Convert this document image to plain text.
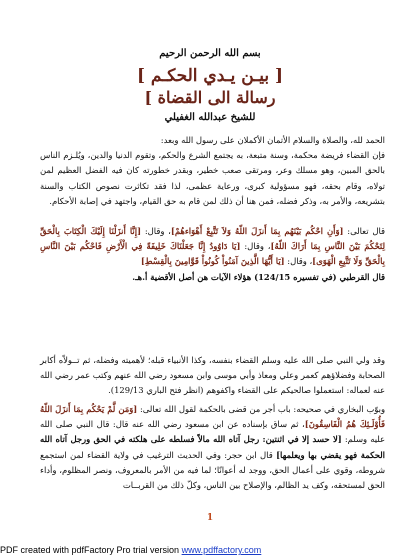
بسم الله الرحمن الرحيم
[ بيـن يـدي الحكـم ]
رسالة الى القضاة ]
للشيخ عبدالله الغفيلي

الحمد لله، والصلاة والسلام الأتمان الأكملان على رسول الله وبعد:

فإن القضاء فريضة محكمة، وسنة متبعة، به يجتمع الشرع والحكم، وتقوم الدنيا والدين، ويُلـزم الناس بالحق المبين، وهو مسلك وعر، ومرتقى صعب خطير، وبقدر خطورته كان فيه الفضل العظيم لمن تولاه، وقام بحقه، فهو مسؤولية كبرى، ورعاية عظمى، لذا فقد تكاثرت نصوص الكتاب والسنة بتشريعه، والأمر به، وذكر فضله، فمن هنا أن ذلك لمن قام به حق القيام، واجتهد في إصابة الأحكام.

قال تعالى: [وَأَنِ احْكُم بَيْنَهُم بِمَا أَنزَلَ اللّهُ وَلاَ تَتَّبِعْ أَهْوَاءهُمْ]، وقال: [إِنَّا أَنزَلْنَا إِلَيْكَ الْكِتَابَ بِالْحَقِّ لِتَحْكُمَ بَيْنَ النَّاسِ بِمَا أَرَاكَ اللّهُ]، وقال: [يَا دَاوُودُ إِنَّا جَعَلْنَاكَ خَلِيفَةً فِي الْأَرْضِ فَاحْكُم بَيْنَ النَّاسِ بِالْحَقِّ وَلَا تَتَّبِعِ الْهَوَى]، وقال: [يَا أَيُّهَا الَّذِينَ آمَنُواْ كُونُواْ قَوَّامِينَ بِالْقِسْطِ]

قال القرطبي (في تفسيره 124/15) هؤلاء الآيات هن أصل الأقضية أ.هـ.

وقد ولي النبي صلى الله عليه وسلم القضاء بنفسه، وكذا الأنبياء قبله؛ لأهميته وفضله، ثم تــولاّه أكابر الصحابة وفضلاؤهم كعمر وعلي ومعاذ وأبي موسى وابن مسعود رضي الله عنهم وكتب عمر رضي الله عنه لعماله: استعملوا صالحيكم على القضاء واكفوهم (انظر فتح الباري 129/13).

وبوّب البخاري في صحيحه: باب أجر من قضى بالحكمة لقول الله تعالى: [وَمَن لَّمْ يَحْكُم بِمَا أَنزَلَ اللّهُ فَأُوْلَـئِكَ هُمُ الْفَاسِقُونَ]، ثم ساق بإسناده عن ابن مسعود رضي الله عنه قال: قال النبي صلى الله عليه وسلم: [لا حسد إلا في اثنتين: رجل آتاه الله مالاً فسلطه على هلكته في الحق ورجل آتاه الله الحكمة فهو يقضي بها ويعلمها] قال ابن حجر: وفي الحديث الترغيب في ولاية القضاء لمن استجمع شروطه، وقوي على أعمال الحق، ووجد له أعوانًا؛ لما فيه من الأمر بالمعروف، ونصر المظلوم، وأداء الحق لمستحقه، وكف يد الظالم، والإصلاح بين الناس، وكلّ ذلك من القربــات

1
PDF created with pdfFactory Pro trial version www.pdffactory.com
